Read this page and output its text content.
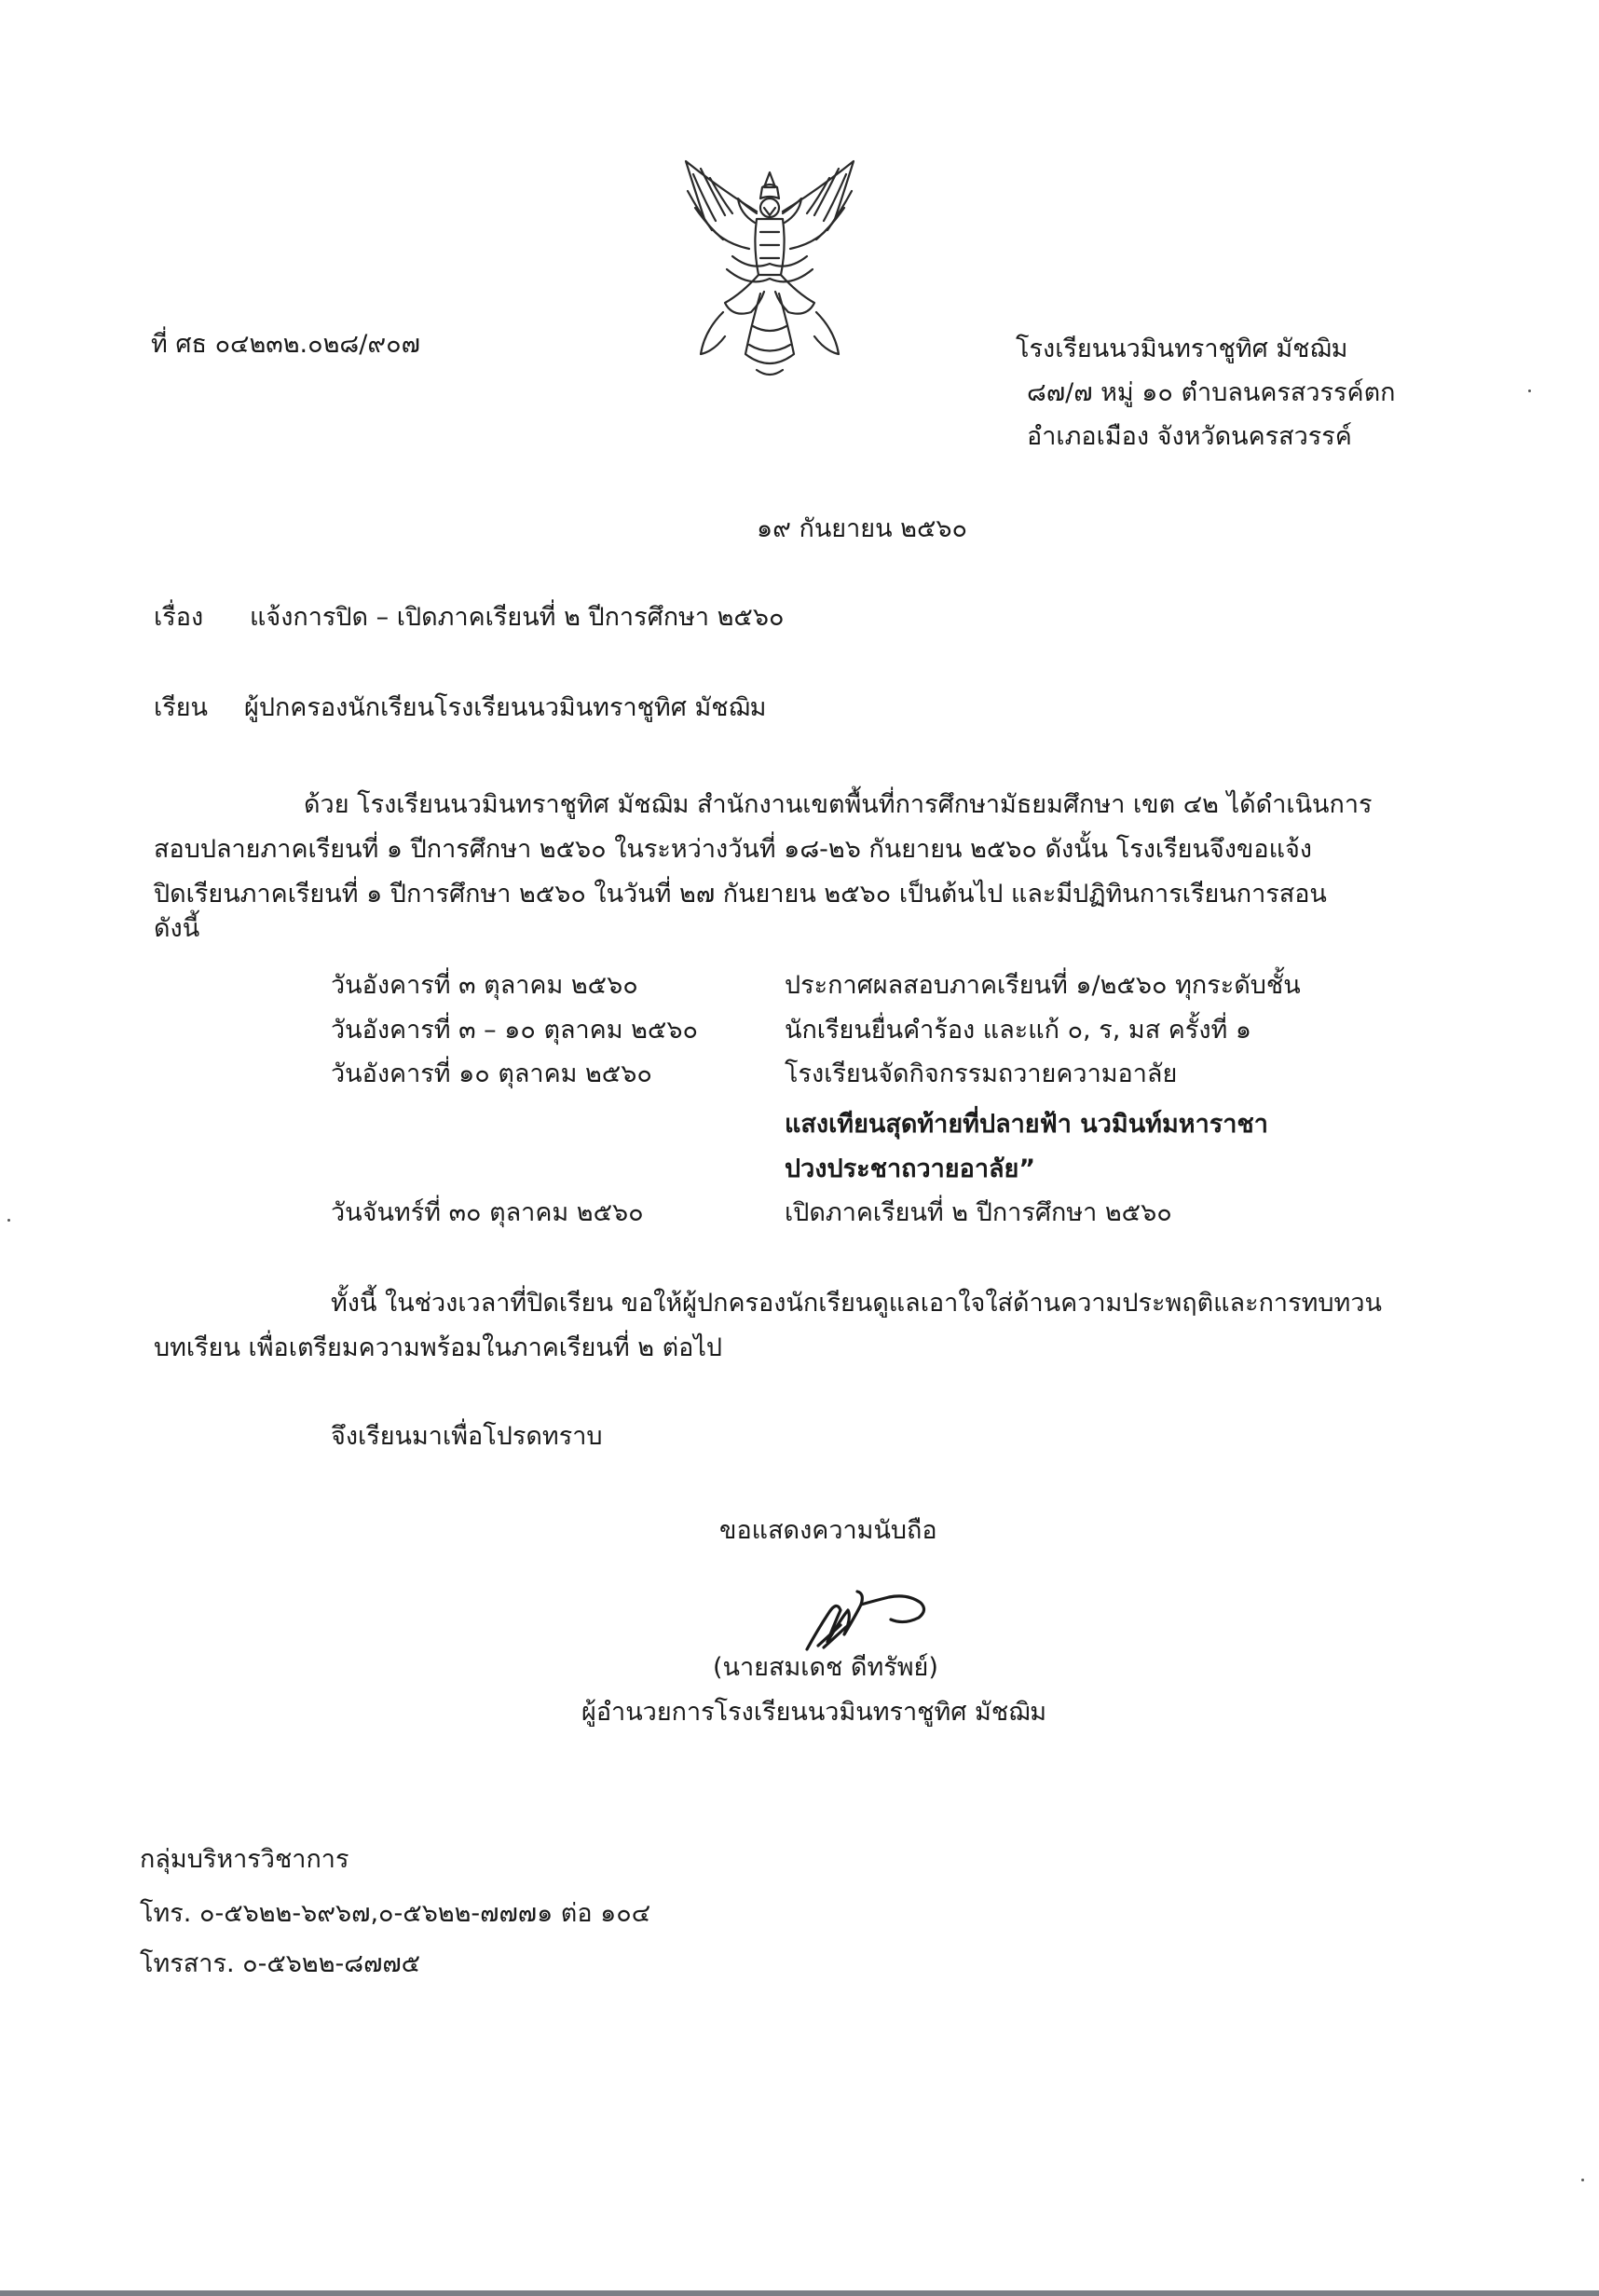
ที่ ศธ ๐๔๒๓๒.๐๒๘/๙๐๗	โรงเรียนนวมินทราชูทิศ มัชฌิม
๘๗/๗ หมู่ ๑๐ ตำบลนครสวรรค์ตก
อำเภอเมือง จังหวัดนครสวรรค์
๑๙ กันยายน ๒๕๖๐
เรื่อง แจ้งการปิด – เปิดภาคเรียนที่ ๒ ปีการศึกษา ๒๕๖๐
เรียน ผู้ปกครองนักเรียนโรงเรียนนวมินทราชูทิศ มัชฌิม
ด้วย โรงเรียนนวมินทราชูทิศ มัชฌิม สำนักงานเขตพื้นที่การศึกษามัธยมศึกษา เขต ๔๒ ได้ดำเนินการ
สอบปลายภาคเรียนที่ ๑ ปีการศึกษา ๒๕๖๐ ในระหว่างวันที่ ๑๘-๒๖ กันยายน ๒๕๖๐ ดังนั้น โรงเรียนจึงขอแจ้ง
ปิดเรียนภาคเรียนที่ ๑ ปีการศึกษา ๒๕๖๐ ในวันที่ ๒๗ กันยายน ๒๕๖๐ เป็นต้นไป และมีปฏิทินการเรียนการสอน
ดังนี้
วันอังคารที่ ๓ ตุลาคม ๒๕๖๐	ประกาศผลสอบภาคเรียนที่ ๑/๒๕๖๐ ทุกระดับชั้น
วันอังคารที่ ๓ – ๑๐ ตุลาคม ๒๕๖๐	นักเรียนยื่นคำร้อง และแก้ ๐, ร, มส ครั้งที่ ๑
วันอังคารที่ ๑๐ ตุลาคม ๒๕๖๐	โรงเรียนจัดกิจกรรมถวายความอาลัย
แสงเทียนสุดท้ายที่ปลายฟ้า นวมินท์มหาราชา
ปวงประชาถวายอาลัย”
วันจันทร์ที่ ๓๐ ตุลาคม ๒๕๖๐	เปิดภาคเรียนที่ ๒ ปีการศึกษา ๒๕๖๐
ทั้งนี้ ในช่วงเวลาที่ปิดเรียน ขอให้ผู้ปกครองนักเรียนดูแลเอาใจใส่ด้านความประพฤติและการทบทวน
บทเรียน เพื่อเตรียมความพร้อมในภาคเรียนที่ ๒ ต่อไป
จึงเรียนมาเพื่อโปรดทราบ
ขอแสดงความนับถือ
(นายสมเดช ดีทรัพย์)
ผู้อำนวยการโรงเรียนนวมินทราชูทิศ มัชฌิม
กลุ่มบริหารวิชาการ
โทร. ๐-๕๖๒๒-๖๙๖๗,๐-๕๖๒๒-๗๗๗๑ ต่อ ๑๐๔
โทรสาร. ๐-๕๖๒๒-๘๗๗๕
